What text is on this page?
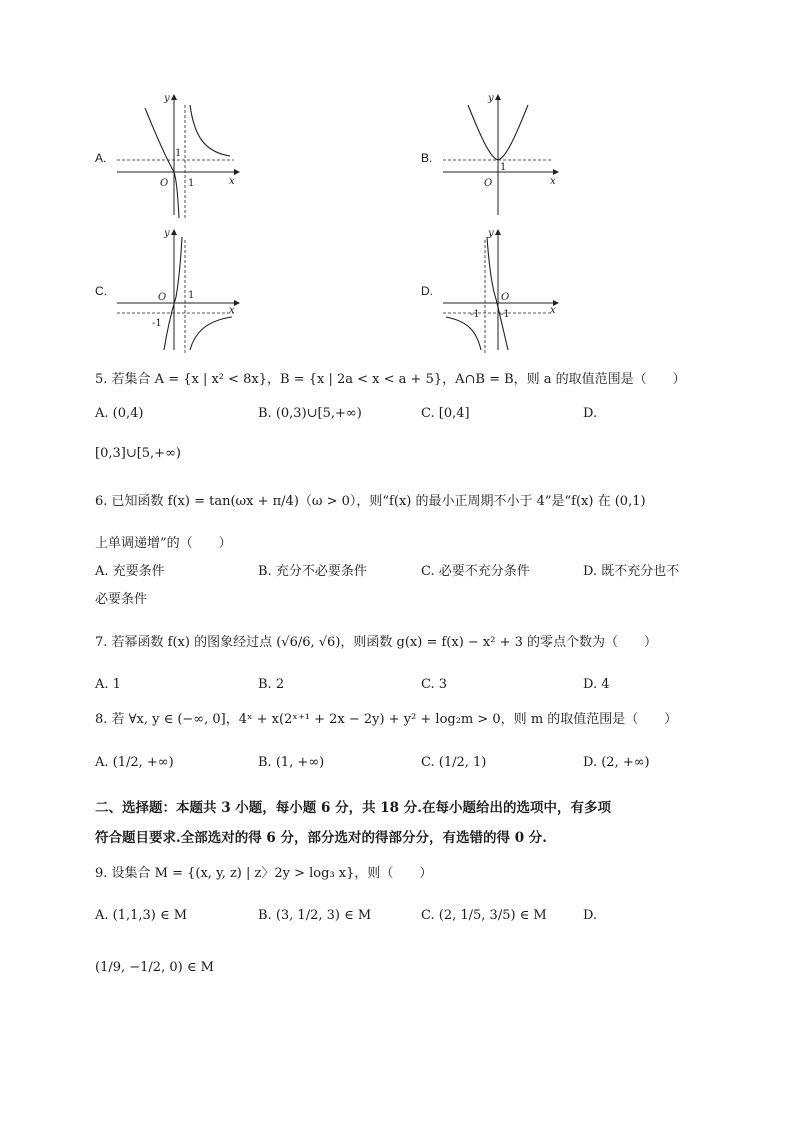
A.
y
x
O
1
1
B.
y
x
O
1
C.
y
x
O
-1
1	D.
y
x
O
-1
-1
5. 若集合 A = {x | x² < 8x}，B = {x | 2a < x < a + 5}，A∩B = B，则 a 的取值范围是（　　）
A. (0,4)	B. (0,3)∪[5,+∞)	C. [0,4]	D.
[0,3]∪[5,+∞)
6. 已知函数 f(x) = tan(ωx + π/4)（ω > 0），则“f(x) 的最小正周期不小于 4”是“f(x) 在 (0,1)
上单调递增”的（　　）
A. 充要条件	B. 充分不必要条件	C. 必要不充分条件	D. 既不充分也不
必要条件
7. 若幂函数 f(x) 的图象经过点 (√6/6, √6)，则函数 g(x) = f(x) − x² + 3 的零点个数为（　　）
A. 1	B. 2	C. 3	D. 4
8. 若 ∀x, y ∈ (−∞, 0]，4ˣ + x(2ˣ⁺¹ + 2x − 2y) + y² + log₂m > 0，则 m 的取值范围是（　　）
A. (1/2, +∞)	B. (1, +∞)	C. (1/2, 1)	D. (2, +∞)
二、选择题：本题共 3 小题，每小题 6 分，共 18 分.在每小题给出的选项中，有多项
符合题目要求.全部选对的得 6 分，部分选对的得部分分，有选错的得 0 分.
9. 设集合 M = {(x, y, z) | z〉2y > log₃ x}，则（　　）
A. (1,1,3) ∈ M	B. (3, 1/2, 3) ∈ M	C. (2, 1/5, 3/5) ∈ M	D.
(1/9, −1/2, 0) ∈ M
